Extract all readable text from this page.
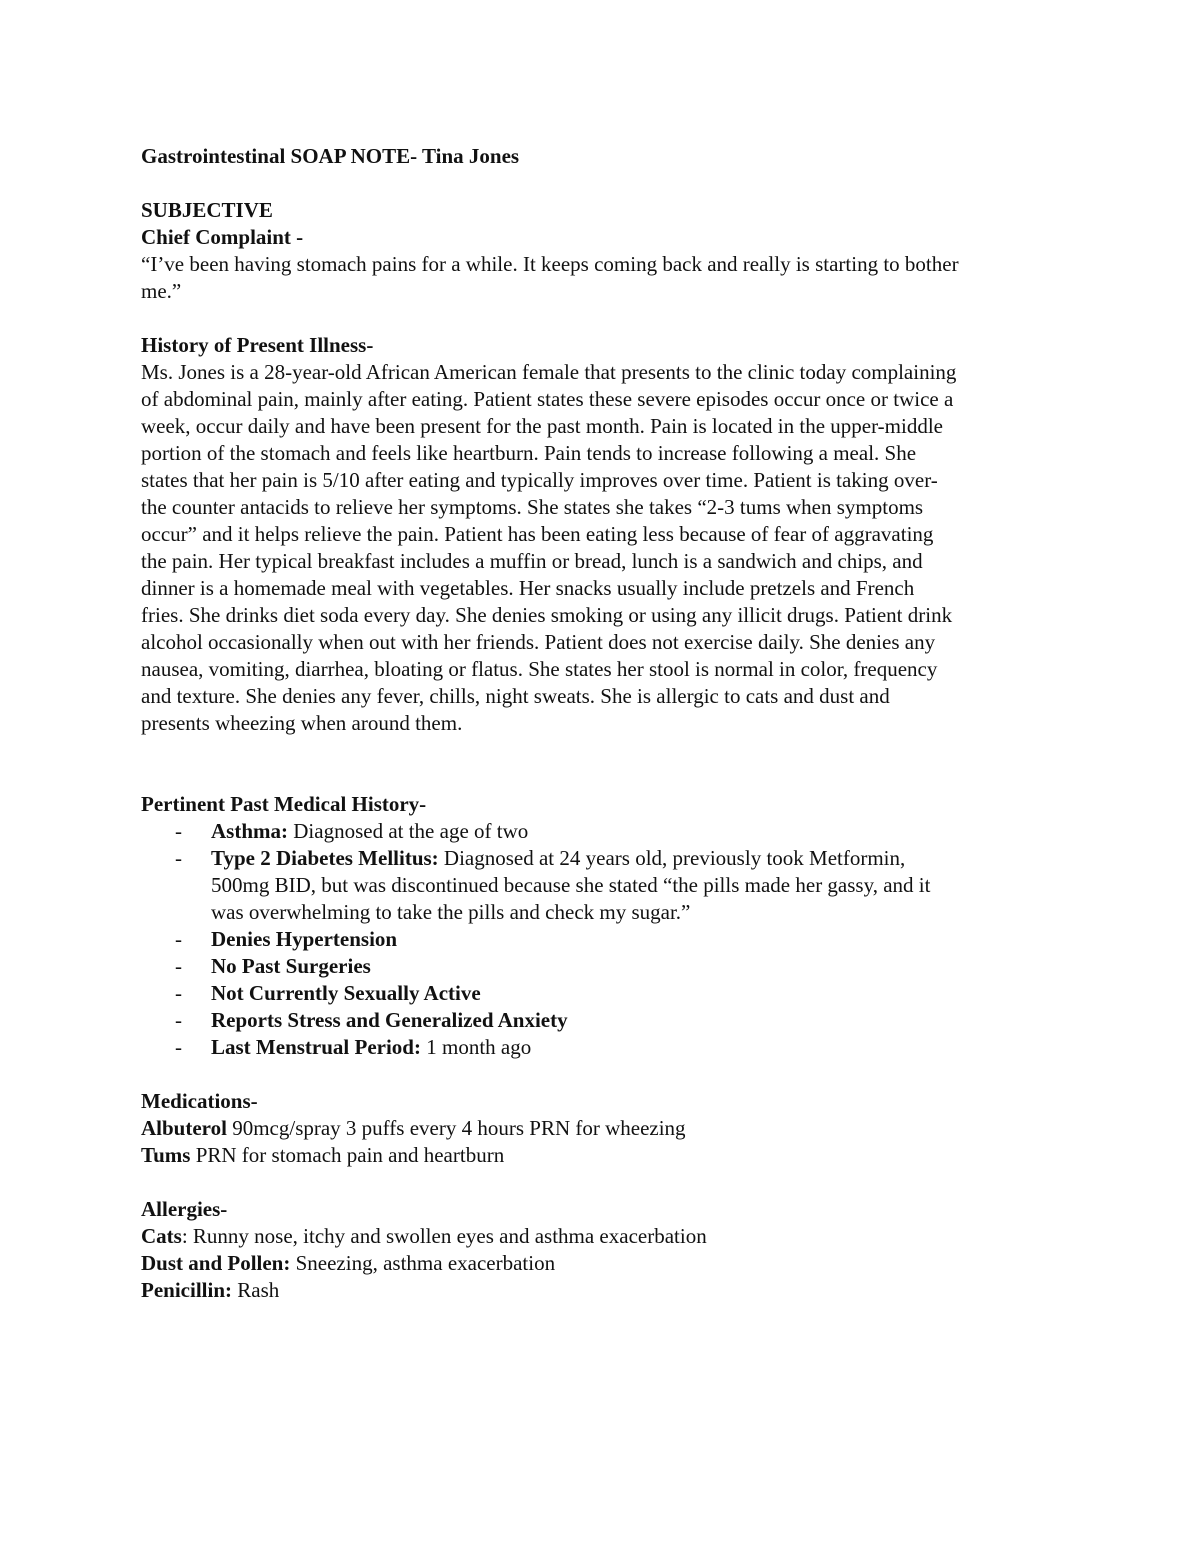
Gastrointestinal SOAP NOTE- Tina Jones
SUBJECTIVE
Chief Complaint -
“I’ve been having stomach pains for a while. It keeps coming back and really is starting to bother
me.”
History of Present Illness-
Ms. Jones is a 28-year-old African American female that presents to the clinic today complaining
of abdominal pain, mainly after eating. Patient states these severe episodes occur once or twice a
week, occur daily and have been present for the past month. Pain is located in the upper-middle
portion of the stomach and feels like heartburn. Pain tends to increase following a meal. She
states that her pain is 5/10 after eating and typically improves over time. Patient is taking over-
the counter antacids to relieve her symptoms. She states she takes “2-3 tums when symptoms
occur” and it helps relieve the pain. Patient has been eating less because of fear of aggravating
the pain. Her typical breakfast includes a muffin or bread, lunch is a sandwich and chips, and
dinner is a homemade meal with vegetables. Her snacks usually include pretzels and French
fries. She drinks diet soda every day. She denies smoking or using any illicit drugs. Patient drink
alcohol occasionally when out with her friends. Patient does not exercise daily. She denies any
nausea, vomiting, diarrhea, bloating or flatus. She states her stool is normal in color, frequency
and texture. She denies any fever, chills, night sweats. She is allergic to cats and dust and
presents wheezing when around them.
Pertinent Past Medical History-
- Asthma: Diagnosed at the age of two
- Type 2 Diabetes Mellitus: Diagnosed at 24 years old, previously took Metformin,
500mg BID, but was discontinued because she stated “the pills made her gassy, and it
was overwhelming to take the pills and check my sugar.”
- Denies Hypertension
- No Past Surgeries
- Not Currently Sexually Active
- Reports Stress and Generalized Anxiety
- Last Menstrual Period: 1 month ago
Medications-
Albuterol 90mcg/spray 3 puffs every 4 hours PRN for wheezing
Tums PRN for stomach pain and heartburn
Allergies-
Cats: Runny nose, itchy and swollen eyes and asthma exacerbation
Dust and Pollen: Sneezing, asthma exacerbation
Penicillin: Rash
